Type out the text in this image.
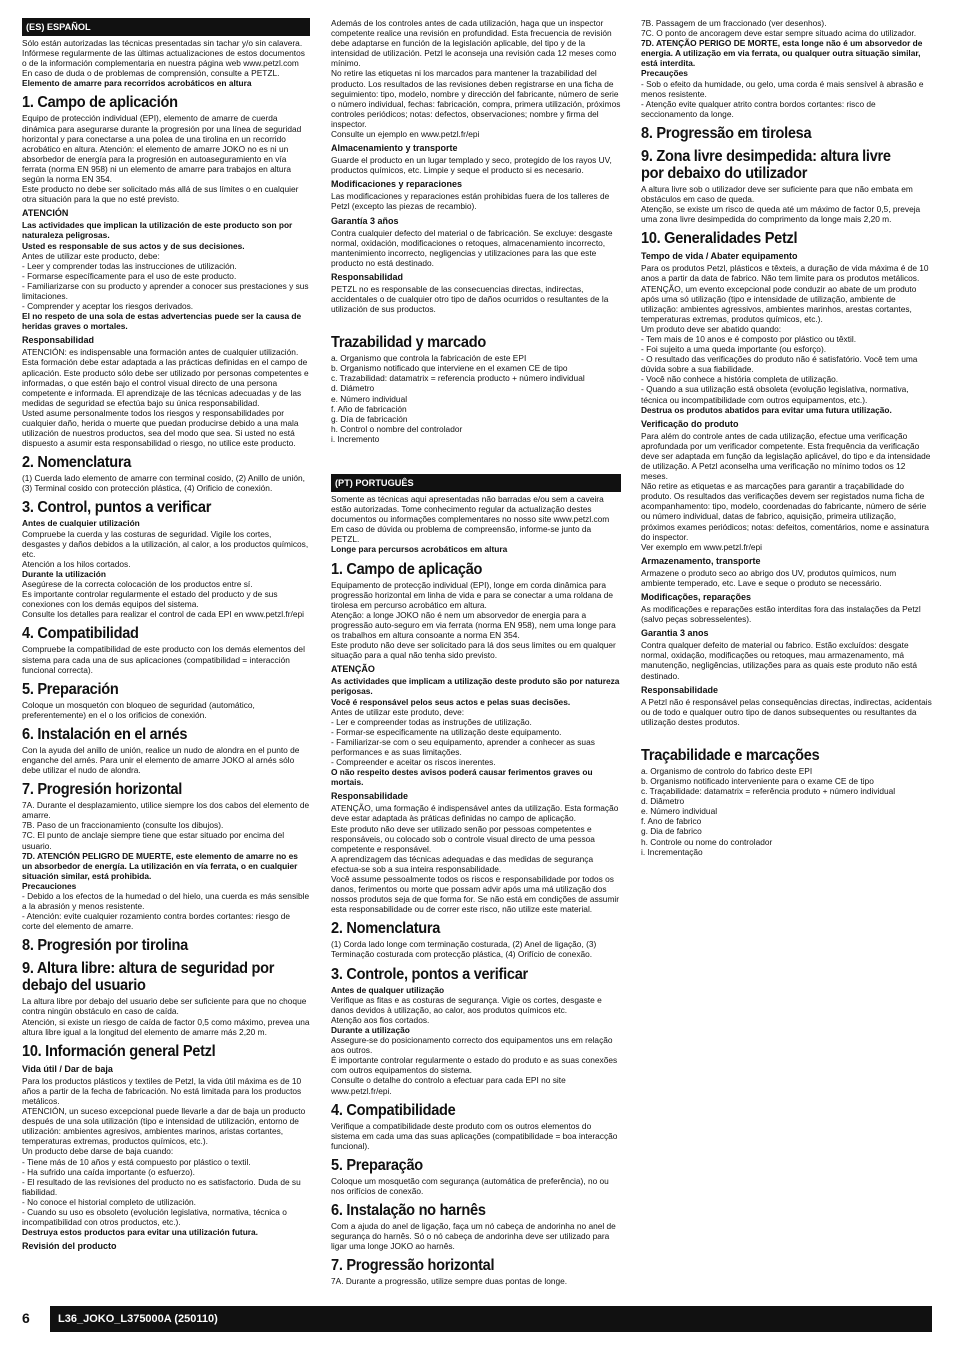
(ES) ESPAÑOL

Sólo están autorizadas las técnicas presentadas sin tachar y/o sin calavera. Infórmese regularmente de las últimas actualizaciones de estos documentos o de la información complementaria en nuestra página web www.petzl.com

En caso de duda o de problemas de comprensión, consulte a PETZL.

Elemento de amarre para recorridos acrobáticos en altura

1. Campo de aplicación

Equipo de protección individual (EPI), elemento de amarre de cuerda dinámica para asegurarse durante la progresión por una línea de seguridad horizontal y para conectarse a una polea de una tirolina en un recorrido acrobático en altura. Atención: el elemento de amarre JOKO no es ni un absorbedor de energía para la progresión en autoaseguramiento en vía ferrata (norma EN 958) ni un elemento de amarre para trabajos en altura según la norma EN 354.

Este producto no debe ser solicitado más allá de sus límites o en cualquier otra situación para la que no esté previsto.

ATENCIÓN

Las actividades que implican la utilización de este producto son por naturaleza peligrosas.

Usted es responsable de sus actos y de sus decisiones.

Antes de utilizar este producto, debe:

- Leer y comprender todas las instrucciones de utilización.

- Formarse específicamente para el uso de este producto.

- Familiarizarse con su producto y aprender a conocer sus prestaciones y sus limitaciones.

- Comprender y aceptar los riesgos derivados.

El no respeto de una sola de estas advertencias puede ser la causa de heridas graves o mortales.

Responsabilidad

ATENCIÓN: es indispensable una formación antes de cualquier utilización. Esta formación debe estar adaptada a las prácticas definidas en el campo de aplicación. Este producto sólo debe ser utilizado por personas competentes e informadas, o que estén bajo el control visual directo de una persona competente e informada. El aprendizaje de las técnicas adecuadas y de las medidas de seguridad se efectúa bajo su única responsabilidad.

Usted asume personalmente todos los riesgos y responsabilidades por cualquier daño, herida o muerte que puedan producirse debido a una mala utilización de nuestros productos, sea del modo que sea. Si usted no está dispuesto a asumir esta responsabilidad o riesgo, no utilice este producto.

2. Nomenclatura

(1) Cuerda lado elemento de amarre con terminal cosido, (2) Anillo de unión, (3) Terminal cosido con protección plástica, (4) Orificio de conexión.

3. Control, puntos a verificar

Antes de cualquier utilización

Compruebe la cuerda y las costuras de seguridad. Vigile los cortes, desgastes y daños debidos a la utilización, al calor, a los productos químicos, etc.

Atención a los hilos cortados.

Durante la utilización

Asegúrese de la correcta colocación de los productos entre sí.

Es importante controlar regularmente el estado del producto y de sus conexiones con los demás equipos del sistema.

Consulte los detalles para realizar el control de cada EPI en www.petzl.fr/epi

4. Compatibilidad

Compruebe la compatibilidad de este producto con los demás elementos del sistema para cada una de sus aplicaciones (compatibilidad = interacción funcional correcta).

5. Preparación

Coloque un mosquetón con bloqueo de seguridad (automático, preferentemente) en el o los orificios de conexión.

6. Instalación en el arnés

Con la ayuda del anillo de unión, realice un nudo de alondra en el punto de enganche del arnés. Para unir el elemento de amarre JOKO al arnés sólo debe utilizar el nudo de alondra.

7. Progresión horizontal

7A. Durante el desplazamiento, utilice siempre los dos cabos del elemento de amarre.

7B. Paso de un fraccionamiento (consulte los dibujos).

7C. El punto de anclaje siempre tiene que estar situado por encima del usuario.

7D. ATENCIÓN PELIGRO DE MUERTE, este elemento de amarre no es un absorbedor de energía. La utilización en vía ferrata, o en cualquier situación similar, está prohibida.

Precauciones

- Debido a los efectos de la humedad o del hielo, una cuerda es más sensible a la abrasión y menos resistente.

- Atención: evite cualquier rozamiento contra bordes cortantes: riesgo de corte del elemento de amarre.

8. Progresión por tirolina
9. Altura libre: altura de seguridad por debajo del usuario

La altura libre por debajo del usuario debe ser suficiente para que no choque contra ningún obstáculo en caso de caída.

Atención, si existe un riesgo de caída de factor 0,5 como máximo, prevea una altura libre igual a la longitud del elemento de amarre más 2,20 m.

10. Información general Petzl
Vida útil / Dar de baja

Para los productos plásticos y textiles de Petzl, la vida útil máxima es de 10 años a partir de la fecha de fabricación. No está limitada para los productos metálicos.

ATENCIÓN, un suceso excepcional puede llevarle a dar de baja un producto después de una sola utilización (tipo e intensidad de utilización, entorno de utilización: ambientes agresivos, ambientes marinos, aristas cortantes, temperaturas extremas, productos químicos, etc.).

Un producto debe darse de baja cuando:

- Tiene más de 10 años y está compuesto por plástico o textil.

- Ha sufrido una caída importante (o esfuerzo).

- El resultado de las revisiones del producto no es satisfactorio. Duda de su fiabilidad.

- No conoce el historial completo de utilización.

- Cuando su uso es obsoleto (evolución legislativa, normativa, técnica o incompatibilidad con otros productos, etc.).

Destruya estos productos para evitar una utilización futura.

Revisión del producto

Además de los controles antes de cada utilización, haga que un inspector competente realice una revisión en profundidad. Esta frecuencia de revisión debe adaptarse en función de la legislación aplicable, del tipo y de la intensidad de utilización. Petzl le aconseja una revisión cada 12 meses como mínimo.

No retire las etiquetas ni los marcados para mantener la trazabilidad del producto. Los resultados de las revisiones deben registrarse en una ficha de seguimiento: tipo, modelo, nombre y dirección del fabricante, número de serie o número individual, fechas: fabricación, compra, primera utilización, próximos controles periódicos; notas: defectos, observaciones; nombre y firma del inspector.

Consulte un ejemplo en www.petzl.fr/epi

Almacenamiento y transporte

Guarde el producto en un lugar templado y seco, protegido de los rayos UV, productos químicos, etc. Limpie y seque el producto si es necesario.

Modificaciones y reparaciones

Las modificaciones y reparaciones están prohibidas fuera de los talleres de Petzl (excepto las piezas de recambio).

Garantía 3 años

Contra cualquier defecto del material o de fabricación. Se excluye: desgaste normal, oxidación, modificaciones o retoques, almacenamiento incorrecto, mantenimiento incorrecto, negligencias y utilizaciones para las que este producto no está destinado.

Responsabilidad

PETZL no es responsable de las consecuencias directas, indirectas, accidentales o de cualquier otro tipo de daños ocurridos o resultantes de la utilización de sus productos.

Trazabilidad y marcado

a. Organismo que controla la fabricación de este EPI

b. Organismo notificado que interviene en el examen CE de tipo

c. Trazabilidad: datamatrix = referencia producto + número individual

d. Diámetro

e. Número individual

f. Año de fabricación

g. Día de fabricación

h. Control o nombre del controlador

i. Incremento

(PT) PORTUGUÊS

Somente as técnicas aqui apresentadas não barradas e/ou sem a caveira estão autorizadas. Tome conhecimento regular da actualização destes documentos ou informações complementares no nosso site www.petzl.com

Em caso de dúvida ou problema de compreensão, informe-se junto da PETZL.

Longe para percursos acrobáticos em altura

1. Campo de aplicação

Equipamento de protecção individual (EPI), longe em corda dinâmica para progressão horizontal em linha de vida e para se conectar a uma roldana de tirolesa em percurso acrobático em altura.

Atenção: a longe JOKO não é nem um absorvedor de energia para a progressão auto-seguro em via ferrata (norma EN 958), nem uma longe para os trabalhos em altura consoante a norma EN 354.

Este produto não deve ser solicitado para lá dos seus limites ou em qualquer situação para a qual não tenha sido previsto.

ATENÇÃO

As actividades que implicam a utilização deste produto são por natureza perigosas.

Você é responsável pelos seus actos e pelas suas decisões.

Antes de utilizar este produto, deve:

- Ler e compreender todas as instruções de utilização.

- Formar-se especificamente na utilização deste equipamento.

- Familiarizar-se com o seu equipamento, aprender a conhecer as suas performances e as suas limitações.

- Compreender e aceitar os riscos inerentes.

O não respeito destes avisos poderá causar ferimentos graves ou mortais.

Responsabilidade

ATENÇÃO, uma formação é indispensável antes da utilização. Esta formação deve estar adaptada às práticas definidas no campo de aplicação.

Este produto não deve ser utilizado senão por pessoas competentes e responsáveis, ou colocado sob o controle visual directo de uma pessoa competente e responsável.

A aprendizagem das técnicas adequadas e das medidas de segurança efectua-se sob a sua inteira responsabilidade.

Você assume pessoalmente todos os riscos e responsabilidade por todos os danos, ferimentos ou morte que possam advir após uma má utilização dos nossos produtos seja de que forma for. Se não está em condições de assumir esta responsabilidade ou de correr este risco, não utilize este material.

2. Nomenclatura

(1) Corda lado longe com terminação costurada, (2) Anel de ligação, (3) Terminação costurada com protecção plástica, (4) Orifício de conexão.

3. Controle, pontos a verificar

Antes de qualquer utilização

Verifique as fitas e as costuras de segurança. Vigie os cortes, desgaste e danos devidos à utilização, ao calor, aos produtos químicos etc.

Atenção aos fios cortados.

Durante a utilização

Assegure-se do posicionamento correcto dos equipamentos uns em relação aos outros.

É importante controlar regularmente o estado do produto e as suas conexões com outros equipamentos do sistema.

Consulte o detalhe do controlo a efectuar para cada EPI no site www.petzl.fr/epi.

4. Compatibilidade

Verifique a compatibilidade deste produto com os outros elementos do sistema em cada uma das suas aplicações (compatibilidade = boa interacção funcional).

5. Preparação

Coloque um mosquetão com segurança (automática de preferência), no ou nos orifícios de conexão.

6. Instalação no harnês

Com a ajuda do anel de ligação, faça um nó cabeça de andorinha no anel de segurança do harnês. Só o nó cabeça de andorinha deve ser utilizado para ligar uma longe JOKO ao harnês.

7. Progressão horizontal

7A. Durante a progressão, utilize sempre duas pontas de longe.

7B. Passagem de um fraccionado (ver desenhos).

7C. O ponto de ancoragem deve estar sempre situado acima do utilizador.

7D. ATENÇÃO PERIGO DE MORTE, esta longe não é um absorvedor de energia. A utilização em via ferrata, ou qualquer outra situação similar, está interdita.

Precauções

- Sob o efeito da humidade, ou gelo, uma corda é mais sensível à abrasão e menos resistente.

- Atenção evite qualquer atrito contra bordos cortantes: risco de seccionamento da longe.

8. Progressão em tirolesa
9. Zona livre desimpedida: altura livre por debaixo do utilizador

A altura livre sob o utilizador deve ser suficiente para que não embata em obstáculos em caso de queda.

Atenção, se existe um risco de queda até um máximo de factor 0,5, preveja uma zona livre desimpedida do comprimento da longe mais 2,20 m.

10. Generalidades Petzl
Tempo de vida / Abater equipamento

Para os produtos Petzl, plásticos e têxteis, a duração de vida máxima é de 10 anos a partir da data de fabrico. Não tem limite para os produtos metálicos.

ATENÇÃO, um evento excepcional pode conduzir ao abate de um produto após uma só utilização (tipo e intensidade de utilização, ambiente de utilização: ambientes agressivos, ambientes marinhos, arestas cortantes, temperaturas extremas, produtos químicos, etc.).

Um produto deve ser abatido quando:

- Tem mais de 10 anos e é composto por plástico ou têxtil.

- Foi sujeito a uma queda importante (ou esforço).

- O resultado das verificações do produto não é satisfatório. Você tem uma dúvida sobre a sua fiabilidade.

- Você não conhece a história completa de utilização.

- Quando a sua utilização está obsoleta (evolução legislativa, normativa, técnica ou incompatibilidade com outros equipamentos, etc.).

Destrua os produtos abatidos para evitar uma futura utilização.

Verificação do produto

Para além do controle antes de cada utilização, efectue uma verificação aprofundada por um verificador competente. Esta frequência da verificação deve ser adaptada em função da legislação aplicável, do tipo e da intensidade de utilização. A Petzl aconselha uma verificação no mínimo todos os 12 meses.

Não retire as etiquetas e as marcações para garantir a traçabilidade do produto. Os resultados das verificações devem ser registados numa ficha de acompanhamento: tipo, modelo, coordenadas do fabricante, número de série ou número individual, datas de fabrico, aquisição, primeira utilização, próximos exames periódicos; notas: defeitos, comentários, nome e assinatura do inspector.

Ver exemplo em www.petzl.fr/epi

Armazenamento, transporte

Armazene o produto seco ao abrigo dos UV, produtos químicos, num ambiente temperado, etc. Lave e seque o produto se necessário.

Modificações, reparações

As modificações e reparações estão interditas fora das instalações da Petzl (salvo peças sobresselentes).

Garantia 3 anos

Contra qualquer defeito de material ou fabrico. Estão excluídos: desgate normal, oxidação, modificações ou retoques, mau armazenamento, má manutenção, negligências, utilizações para as quais este produto não está destinado.

Responsabilidade

A Petzl não é responsável pelas consequências directas, indirectas, acidentais ou de todo e qualquer outro tipo de danos subsequentes ou resultantes da utilização destes produtos.

Traçabilidade e marcações

a. Organismo de controlo do fabrico deste EPI

b. Organismo notificado interveniente para o exame CE de tipo

c. Traçabilidade: datamatrix = referência produto + número individual

d. Diâmetro

e. Número individual

f. Ano de fabrico

g. Dia de fabrico

h. Controle ou nome do controlador

i. Incrementação

6	L36_JOKO_L375000A (250110)
